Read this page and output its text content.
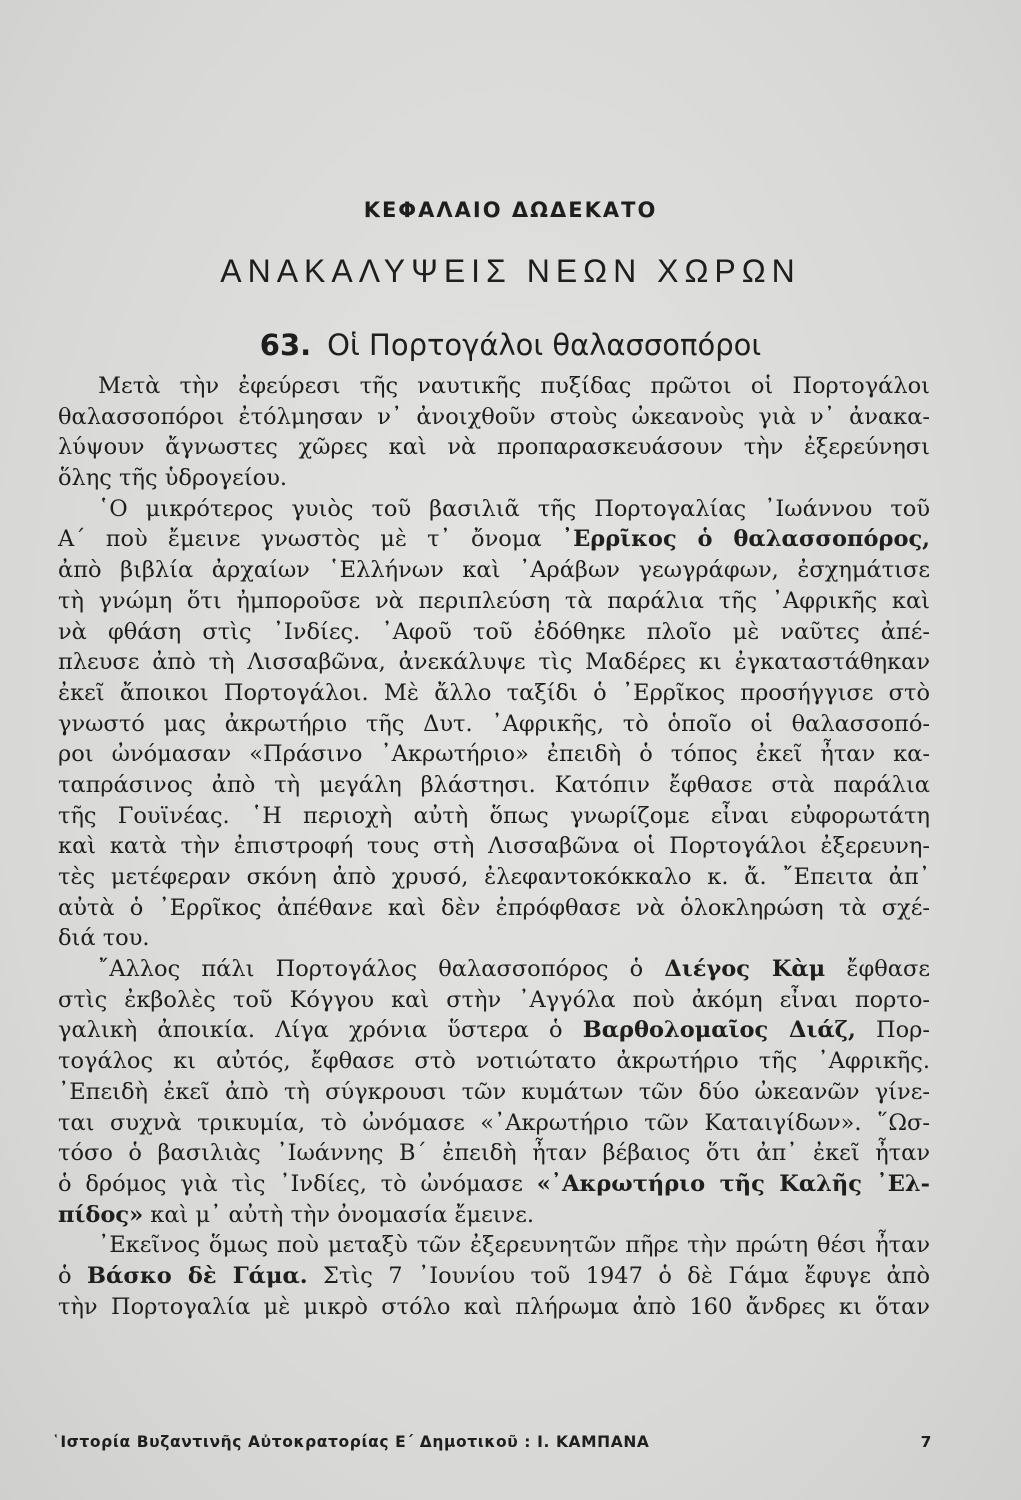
ΚΕΦΑΛΑΙΟ ΔΩΔΕΚΑΤΟ
ΑΝΑΚΑΛΥΨΕΙΣ ΝΕΩΝ ΧΩΡΩΝ
63. Οἱ Πορτογάλοι θαλασσοπόροι
Μετὰ τὴν ἐφεύρεσι τῆς ναυτικῆς πυξίδας πρῶτοι οἱ Πορτογάλοι
θαλασσοπόροι ἐτόλμησαν ν᾽ ἀνοιχθοῦν στοὺς ὠκεανοὺς γιὰ ν᾽ ἀνακα-
λύψουν ἄγνωστες χῶρες καὶ νὰ προπαρασκευάσουν τὴν ἐξερεύνησι
ὅλης τῆς ὑδρογείου.
῾Ο μικρότερος γυιὸς τοῦ βασιλιᾶ τῆς Πορτογαλίας ᾽Ιωάννου τοῦ
Α΄ ποὺ ἔμεινε γνωστὸς μὲ τ᾽ ὄνομα ᾽Ερρῖκος ὁ θαλασσοπόρος,
ἀπὸ βιβλία ἀρχαίων ῾Ελλήνων καὶ ᾽Αράβων γεωγράφων, ἐσχημάτισε
τὴ γνώμη ὅτι ἠμποροῦσε νὰ περιπλεύση τὰ παράλια τῆς ᾽Αφρικῆς καὶ
νὰ φθάση στὶς ᾽Ινδίες. ᾽Αφοῦ τοῦ ἐδόθηκε πλοῖο μὲ ναῦτες ἀπέ-
πλευσε ἀπὸ τὴ Λισσαβῶνα, ἀνεκάλυψε τὶς Μαδέρες κι ἐγκαταστάθηκαν
ἐκεῖ ἄποικοι Πορτογάλοι. Μὲ ἄλλο ταξίδι ὁ ᾽Ερρῖκος προσήγγισε στὸ
γνωστό μας ἀκρωτήριο τῆς Δυτ. ᾽Αφρικῆς, τὸ ὁποῖο οἱ θαλασσοπό-
ροι ὠνόμασαν «Πράσινο ᾽Ακρωτήριο» ἐπειδὴ ὁ τόπος ἐκεῖ ἦταν κα-
ταπράσινος ἀπὸ τὴ μεγάλη βλάστησι. Κατόπιν ἔφθασε στὰ παράλια
τῆς Γουϊνέας. ῾Η περιοχὴ αὐτὴ ὅπως γνωρίζομε εἶναι εὐφορωτάτη
καὶ κατὰ τὴν ἐπιστροφή τους στὴ Λισσαβῶνα οἱ Πορτογάλοι ἐξερευνη-
τὲς μετέφεραν σκόνη ἀπὸ χρυσό, ἐλεφαντοκόκκαλο κ. ἄ. ῎Επειτα ἀπ᾽
αὐτὰ ὁ ᾽Ερρῖκος ἀπέθανε καὶ δὲν ἐπρόφθασε νὰ ὁλοκληρώση τὰ σχέ-
διά του.
῎Αλλος πάλι Πορτογάλος θαλασσοπόρος ὁ Διέγος Κὰμ ἔφθασε
στὶς ἐκβολὲς τοῦ Κόγγου καὶ στὴν ᾽Αγγόλα ποὺ ἀκόμη εἶναι πορτο-
γαλικὴ ἀποικία. Λίγα χρόνια ὕστερα ὁ Βαρθολομαῖος Διάζ, Πορ-
τογάλος κι αὐτός, ἔφθασε στὸ νοτιώτατο ἀκρωτήριο τῆς ᾽Αφρικῆς.
᾽Επειδὴ ἐκεῖ ἀπὸ τὴ σύγκρουσι τῶν κυμάτων τῶν δύο ὠκεανῶν γίνε-
ται συχνὰ τρικυμία, τὸ ὠνόμασε «᾽Ακρωτήριο τῶν Καταιγίδων». ῞Ωσ-
τόσο ὁ βασιλιὰς ᾽Ιωάννης Β΄ ἐπειδὴ ἦταν βέβαιος ὅτι ἀπ᾽ ἐκεῖ ἦταν
ὁ δρόμος γιὰ τὶς ᾽Ινδίες, τὸ ὠνόμασε «᾽Ακρωτήριο τῆς Καλῆς ᾽Ελ-
πίδος» καὶ μ᾽ αὐτὴ τὴν ὀνομασία ἔμεινε.
᾽Εκεῖνος ὅμως ποὺ μεταξὺ τῶν ἐξερευνητῶν πῆρε τὴν πρώτη θέσι ἦταν
ὁ Βάσκο δὲ Γάμα. Στὶς 7 ᾽Ιουνίου τοῦ 1947 ὁ δὲ Γάμα ἔφυγε ἀπὸ
τὴν Πορτογαλία μὲ μικρὸ στόλο καὶ πλήρωμα ἀπὸ 160 ἄνδρες κι ὅταν
῾Ιστορία Βυζαντινῆς Αὐτοκρατορίας Ε΄ Δημοτικοῦ : Ι. ΚΑΜΠΑΝΑ	7
